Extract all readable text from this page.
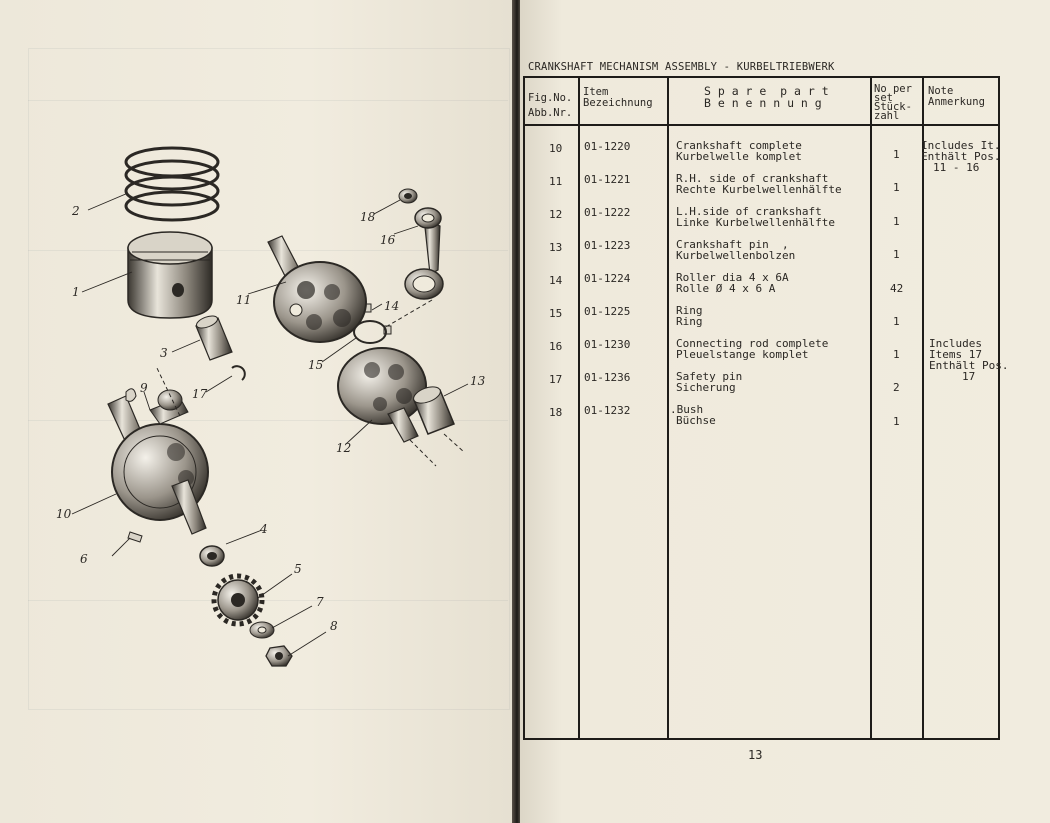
1
2
3
4
5
6
7
8
9
10
11
12
13
14
15
16
17
18
CRANKSHAFT MECHANISM ASSEMBLY - KURBELTRIEBWERK
Fig.No.
Abb.Nr.
Item
Bezeichnung
S p a r e  p a r t
B e n e n n u n g
No per
set
Stück-
zahl
Note
Anmerkung
10 01-1220	Crankshaft complete
Kurbelwelle komplet	1
Includes It.
Enthält Pos.
11 - 16
11 01-1221	R.H. side of crankshaft
Rechte Kurbelwellenhälfte	1
12 01-1222	L.H.side of crankshaft
Linke Kurbelwellenhälfte	1
13 01-1223	Crankshaft pin  ,
Kurbelwellenbolzen	1
14 01-1224	Roller dia 4 x 6A
Rolle Ø 4 x 6 A	42
15 01-1225	Ring
Ring	1
16 01-1230	Connecting rod complete
Pleuelstange komplet	1
Includes
Items 17
Enthält Pos.
17
17 01-1236	Safety pin
Sicherung	2
18 01-1232	.Bush
Büchse	1
13
